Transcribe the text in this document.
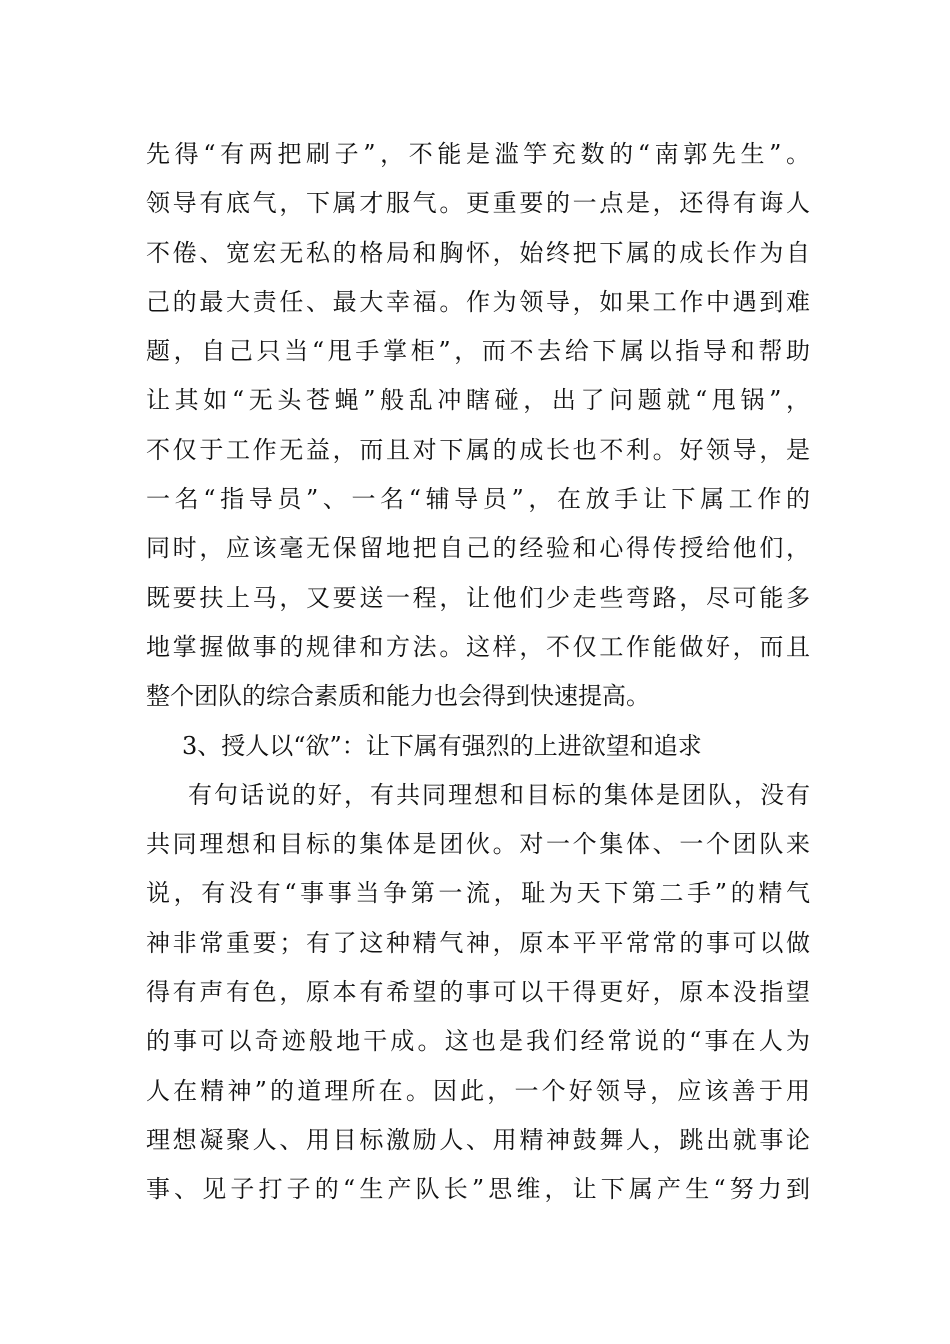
先得“有两把刷子”，不能是滥竽充数的“南郭先生”。
领导有底气，下属才服气。更重要的一点是，还得有诲人
不倦、宽宏无私的格局和胸怀，始终把下属的成长作为自
己的最大责任、最大幸福。作为领导，如果工作中遇到难
题，自己只当“甩手掌柜”，而不去给下属以指导和帮助
让其如“无头苍蝇”般乱冲瞎碰，出了问题就“甩锅”，
不仅于工作无益，而且对下属的成长也不利。好领导，是
一名“指导员”、一名“辅导员”，在放手让下属工作的
同时，应该毫无保留地把自己的经验和心得传授给他们，
既要扶上马，又要送一程，让他们少走些弯路，尽可能多
地掌握做事的规律和方法。这样，不仅工作能做好，而且
整个团队的综合素质和能力也会得到快速提高。
3、授人以“欲”：让下属有强烈的上进欲望和追求
有句话说的好，有共同理想和目标的集体是团队，没有
共同理想和目标的集体是团伙。对一个集体、一个团队来
说，有没有“事事当争第一流，耻为天下第二手”的精气
神非常重要；有了这种精气神，原本平平常常的事可以做
得有声有色，原本有希望的事可以干得更好，原本没指望
的事可以奇迹般地干成。这也是我们经常说的“事在人为
人在精神”的道理所在。因此，一个好领导，应该善于用
理想凝聚人、用目标激励人、用精神鼓舞人，跳出就事论
事、见子打子的“生产队长”思维，让下属产生“努力到
